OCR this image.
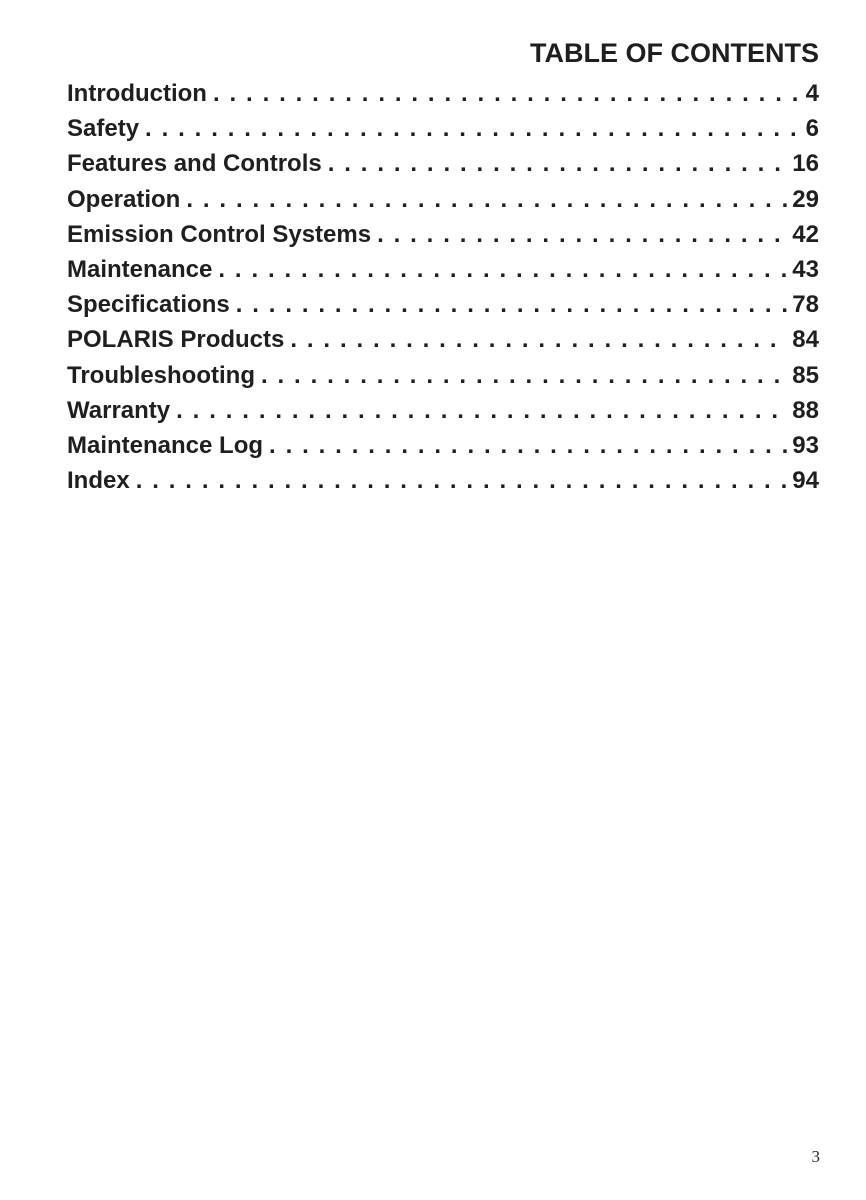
TABLE OF CONTENTS
Introduction . . .	4
Safety . . .	6
Features and Controls . . .	16
Operation . . .	29
Emission Control Systems . . .	42
Maintenance . . .	43
Specifications . . .	78
POLARIS Products . . .	84
Troubleshooting . . .	85
Warranty . . .	88
Maintenance Log . . .	93
Index . . .	94
3
